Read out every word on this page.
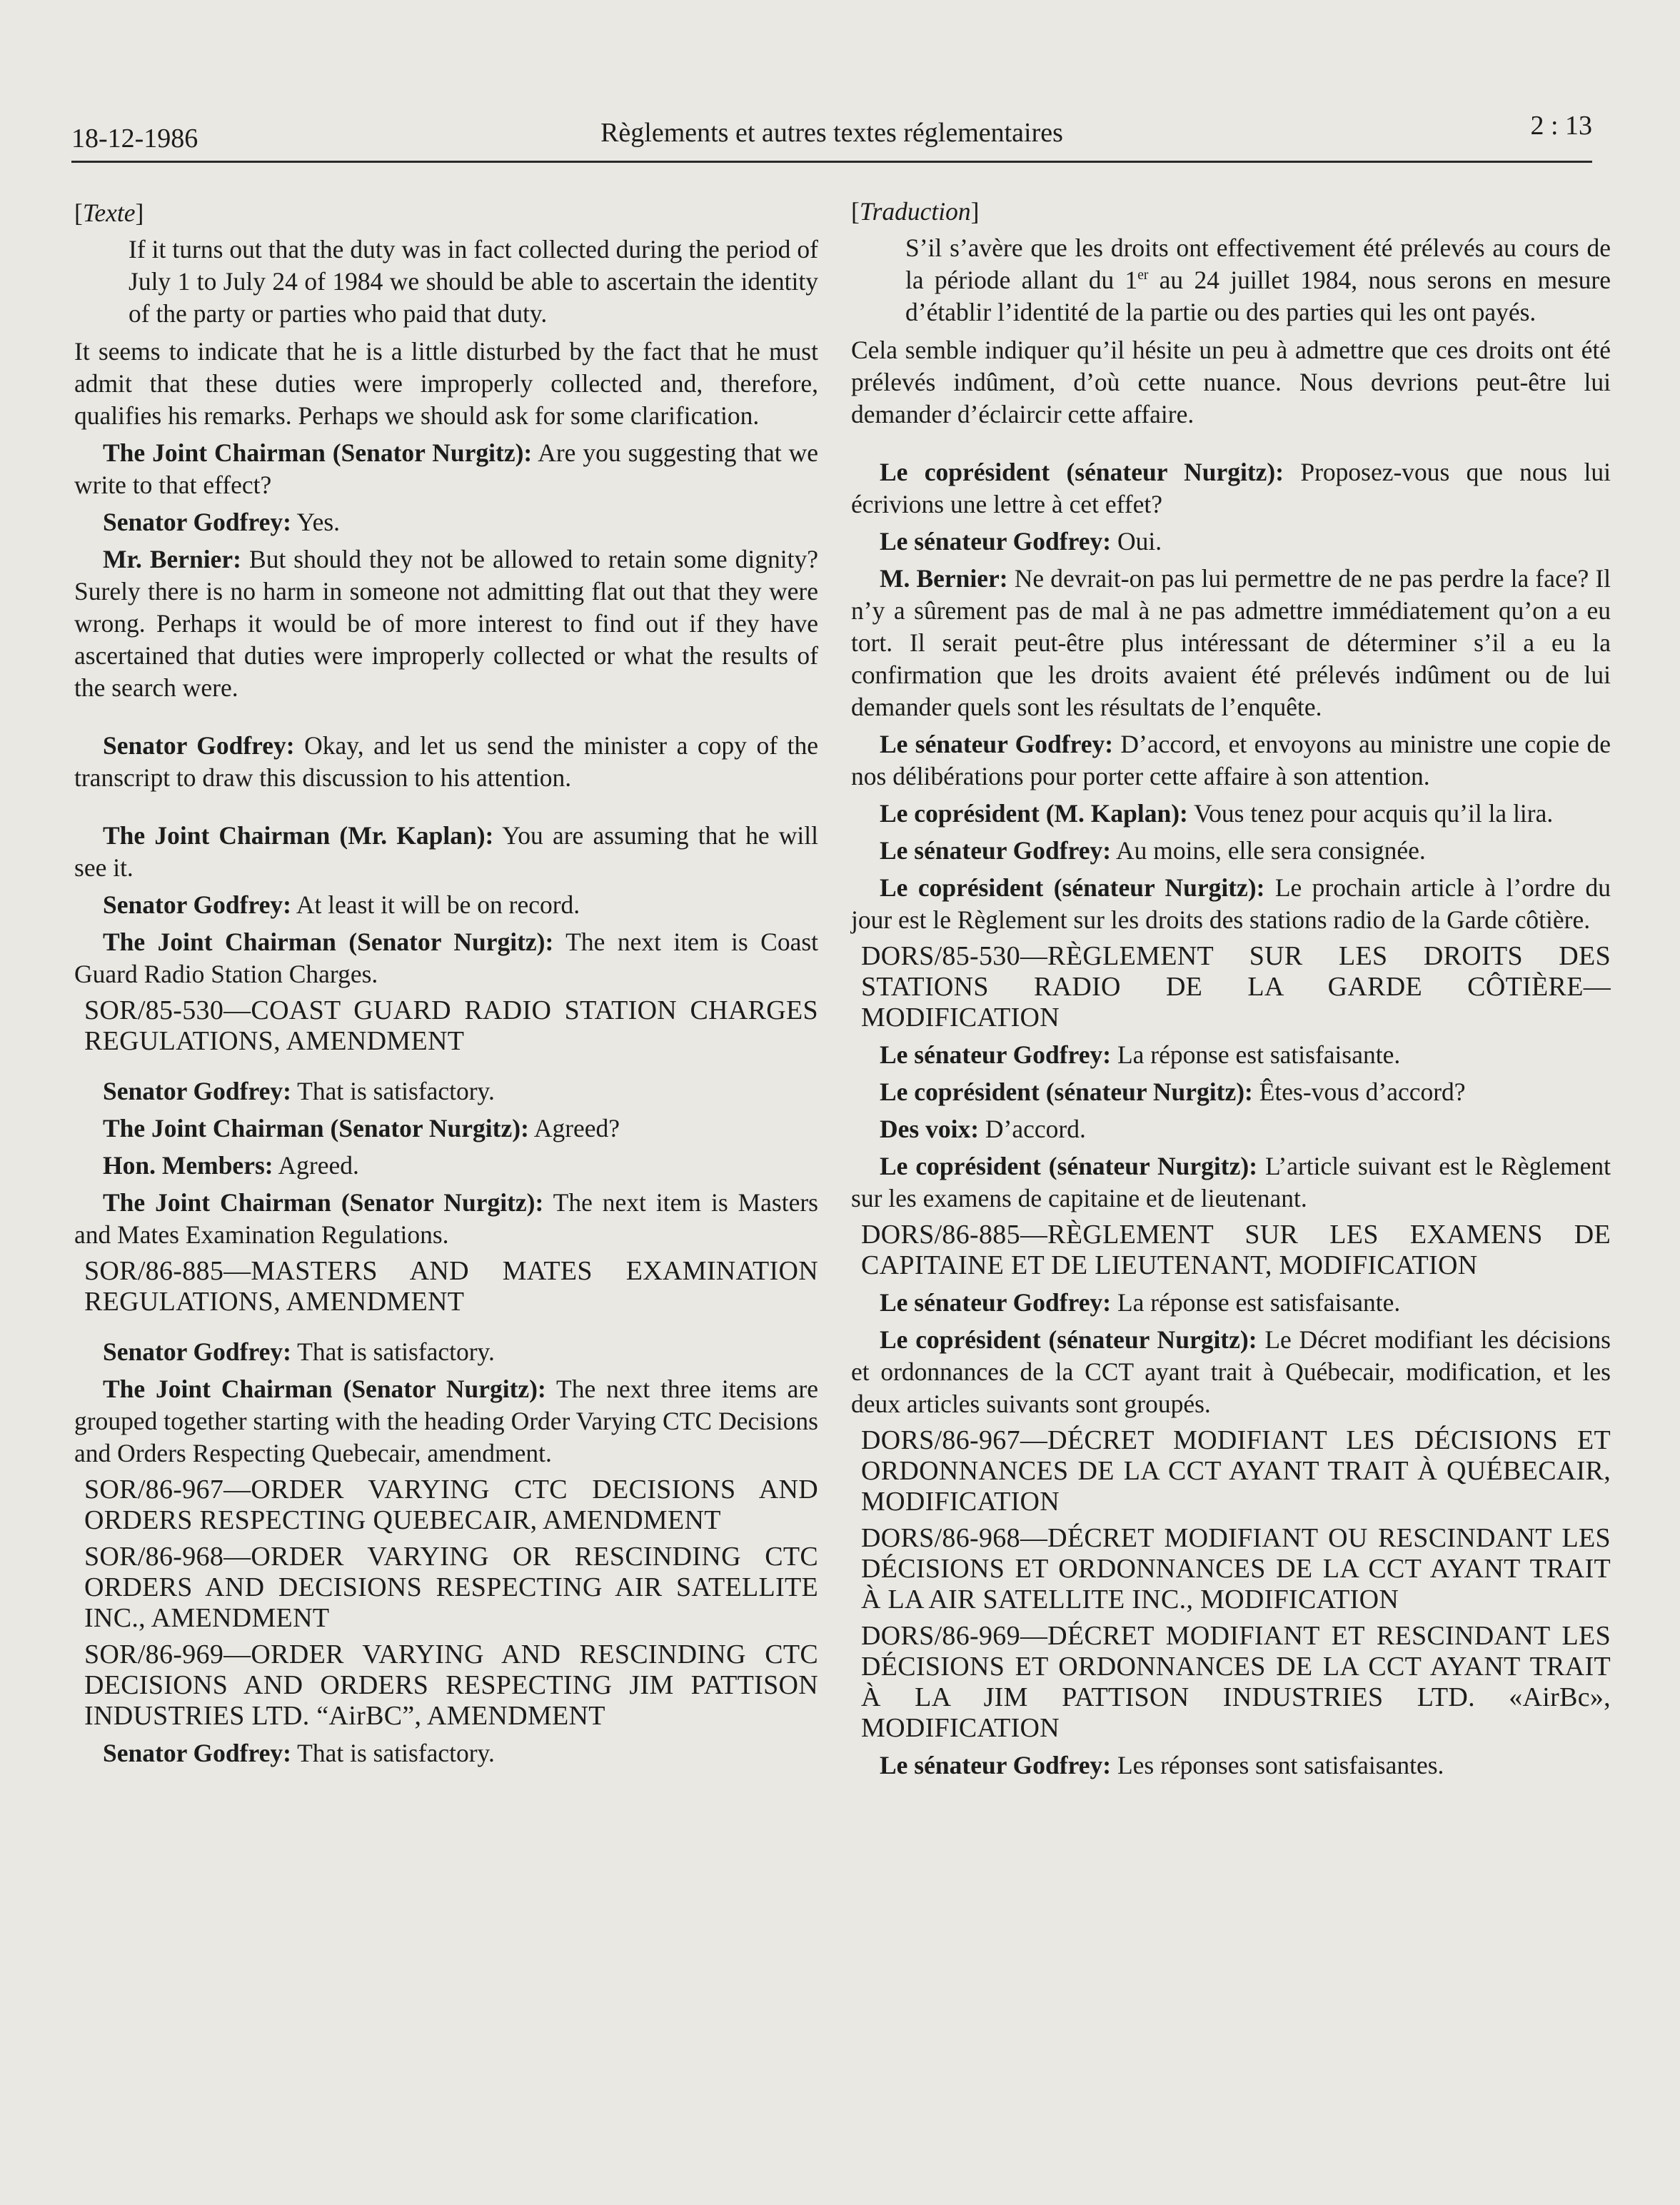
18-12-1986	Règlements et autres textes réglementaires	2 : 13

[Texte]

If it turns out that the duty was in fact collected during the period of July 1 to July 24 of 1984 we should be able to ascertain the identity of the party or parties who paid that duty.

It seems to indicate that he is a little disturbed by the fact that he must admit that these duties were improperly collected and, therefore, qualifies his remarks. Perhaps we should ask for some clarification.

The Joint Chairman (Senator Nurgitz): Are you suggesting that we write to that effect?

Senator Godfrey: Yes.

Mr. Bernier: But should they not be allowed to retain some dignity? Surely there is no harm in someone not admitting flat out that they were wrong. Perhaps it would be of more interest to find out if they have ascertained that duties were improperly collected or what the results of the search were.

Senator Godfrey: Okay, and let us send the minister a copy of the transcript to draw this discussion to his attention.

The Joint Chairman (Mr. Kaplan): You are assuming that he will see it.

Senator Godfrey: At least it will be on record.

The Joint Chairman (Senator Nurgitz): The next item is Coast Guard Radio Station Charges.

SOR/85-530—COAST GUARD RADIO STATION CHARGES REGULATIONS, AMENDMENT

Senator Godfrey: That is satisfactory.

The Joint Chairman (Senator Nurgitz): Agreed?

Hon. Members: Agreed.

The Joint Chairman (Senator Nurgitz): The next item is Masters and Mates Examination Regulations.

SOR/86-885—MASTERS AND MATES EXAMINATION REGULATIONS, AMENDMENT

Senator Godfrey: That is satisfactory.

The Joint Chairman (Senator Nurgitz): The next three items are grouped together starting with the heading Order Varying CTC Decisions and Orders Respecting Quebecair, amendment.

SOR/86-967—ORDER VARYING CTC DECISIONS AND ORDERS RESPECTING QUEBECAIR, AMENDMENT

SOR/86-968—ORDER VARYING OR RESCINDING CTC ORDERS AND DECISIONS RESPECTING AIR SATELLITE INC., AMENDMENT

SOR/86-969—ORDER VARYING AND RESCINDING CTC DECISIONS AND ORDERS RESPECTING JIM PATTISON INDUSTRIES LTD. “AirBC”, AMENDMENT

Senator Godfrey: That is satisfactory.

[Traduction]

S’il s’avère que les droits ont effectivement été prélevés au cours de la période allant du 1er au 24 juillet 1984, nous serons en mesure d’établir l’identité de la partie ou des parties qui les ont payés.

Cela semble indiquer qu’il hésite un peu à admettre que ces droits ont été prélevés indûment, d’où cette nuance. Nous devrions peut-être lui demander d’éclaircir cette affaire.

Le coprésident (sénateur Nurgitz): Proposez-vous que nous lui écrivions une lettre à cet effet?

Le sénateur Godfrey: Oui.

M. Bernier: Ne devrait-on pas lui permettre de ne pas perdre la face? Il n’y a sûrement pas de mal à ne pas admettre immédiatement qu’on a eu tort. Il serait peut-être plus intéressant de déterminer s’il a eu la confirmation que les droits avaient été prélevés indûment ou de lui demander quels sont les résultats de l’enquête.

Le sénateur Godfrey: D’accord, et envoyons au ministre une copie de nos délibérations pour porter cette affaire à son attention.

Le coprésident (M. Kaplan): Vous tenez pour acquis qu’il la lira.

Le sénateur Godfrey: Au moins, elle sera consignée.

Le coprésident (sénateur Nurgitz): Le prochain article à l’ordre du jour est le Règlement sur les droits des stations radio de la Garde côtière.

DORS/85-530—RÈGLEMENT SUR LES DROITS DES STATIONS RADIO DE LA GARDE CÔTIÈRE—MODIFICATION

Le sénateur Godfrey: La réponse est satisfaisante.

Le coprésident (sénateur Nurgitz): Êtes-vous d’accord?

Des voix: D’accord.

Le coprésident (sénateur Nurgitz): L’article suivant est le Règlement sur les examens de capitaine et de lieutenant.

DORS/86-885—RÈGLEMENT SUR LES EXAMENS DE CAPITAINE ET DE LIEUTENANT, MODIFICATION

Le sénateur Godfrey: La réponse est satisfaisante.

Le coprésident (sénateur Nurgitz): Le Décret modifiant les décisions et ordonnances de la CCT ayant trait à Québecair, modification, et les deux articles suivants sont groupés.

DORS/86-967—DÉCRET MODIFIANT LES DÉCISIONS ET ORDONNANCES DE LA CCT AYANT TRAIT À QUÉBECAIR, MODIFICATION

DORS/86-968—DÉCRET MODIFIANT OU RESCINDANT LES DÉCISIONS ET ORDONNANCES DE LA CCT AYANT TRAIT À LA AIR SATELLITE INC., MODIFICATION

DORS/86-969—DÉCRET MODIFIANT ET RESCINDANT LES DÉCISIONS ET ORDONNANCES DE LA CCT AYANT TRAIT À LA JIM PATTISON INDUSTRIES LTD. «AirBc», MODIFICATION

Le sénateur Godfrey: Les réponses sont satisfaisantes.
